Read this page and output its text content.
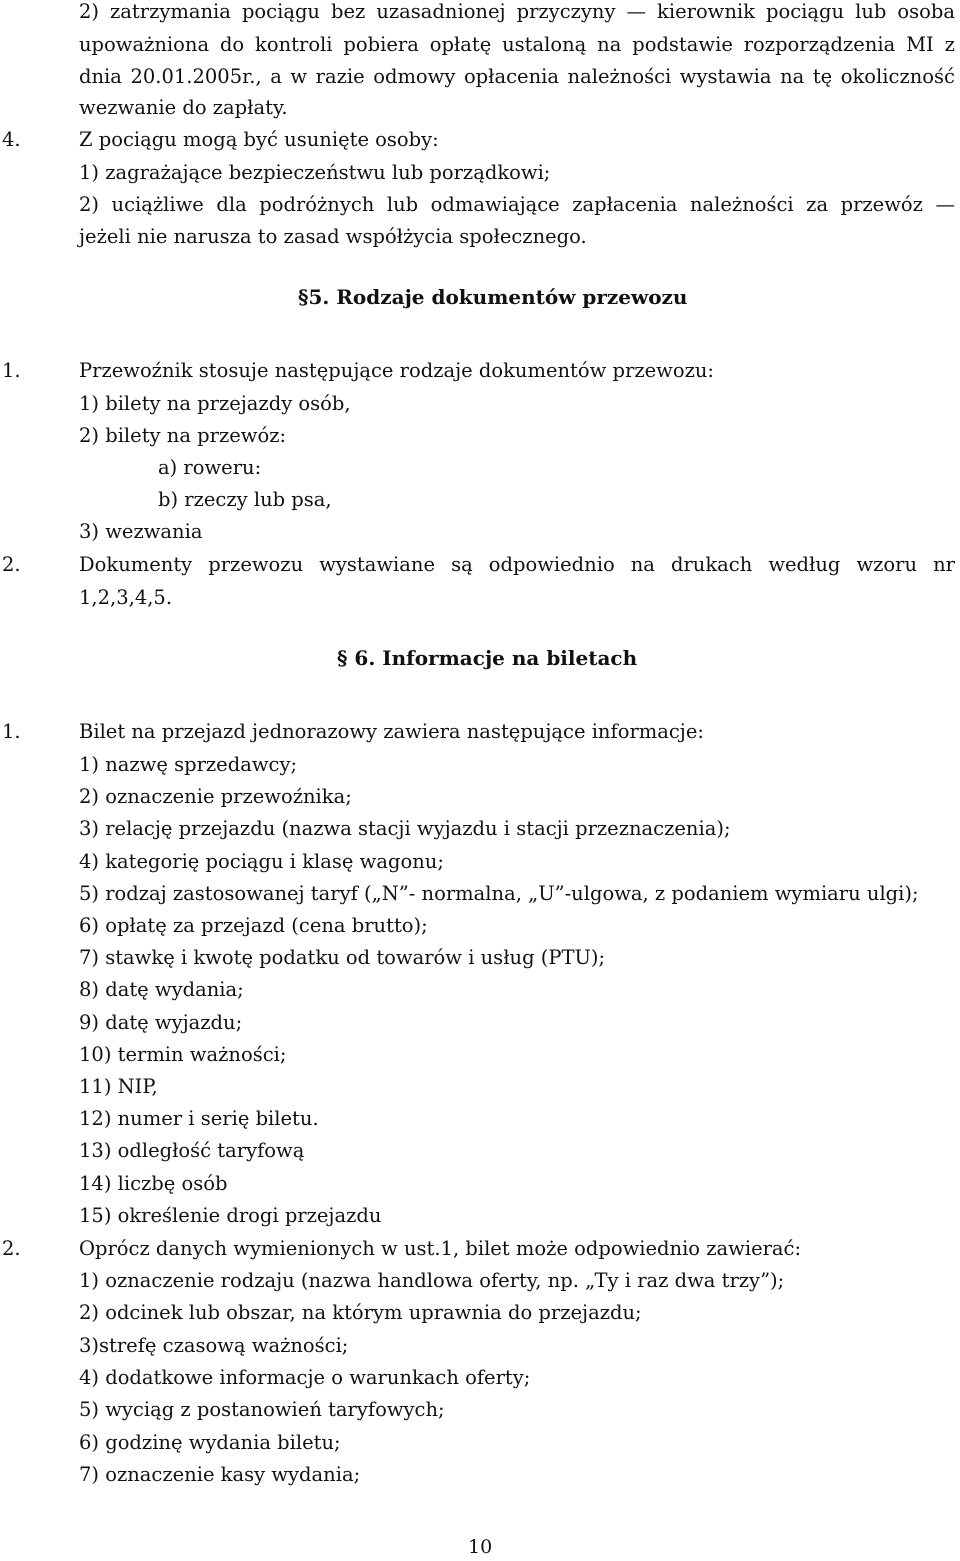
2) zatrzymania pociągu bez uzasadnionej przyczyny — kierownik pociągu lub osoba
upoważniona do kontroli pobiera opłatę ustaloną na podstawie rozporządzenia MI z
dnia 20.01.2005r., a w razie odmowy opłacenia należności wystawia na tę okoliczność
wezwanie do zapłaty.
4.	Z pociągu mogą być usunięte osoby:
1) zagrażające bezpieczeństwu lub porządkowi;
2) uciążliwe dla podróżnych lub odmawiające zapłacenia należności za przewóz —
jeżeli nie narusza to zasad współżycia społecznego.
§5. Rodzaje dokumentów przewozu
1.	Przewoźnik stosuje następujące rodzaje dokumentów przewozu:
1) bilety na przejazdy osób,
2) bilety na przewóz:
a) roweru:
b) rzeczy lub psa,
3) wezwania
2.	Dokumenty przewozu wystawiane są odpowiednio na drukach według wzoru nr
1,2,3,4,5.
§ 6. Informacje na biletach
1.	Bilet na przejazd jednorazowy zawiera następujące informacje:
1) nazwę sprzedawcy;
2) oznaczenie przewoźnika;
3) relację przejazdu (nazwa stacji wyjazdu i stacji przeznaczenia);
4) kategorię pociągu i klasę wagonu;
5) rodzaj zastosowanej taryf („N”- normalna, „U”-ulgowa, z podaniem wymiaru ulgi);
6) opłatę za przejazd (cena brutto);
7) stawkę i kwotę podatku od towarów i usług (PTU);
8) datę wydania;
9) datę wyjazdu;
10) termin ważności;
11) NIP,
12) numer i serię biletu.
13) odległość taryfową
14) liczbę osób
15) określenie drogi przejazdu
2.	Oprócz danych wymienionych w ust.1, bilet może odpowiednio zawierać:
1) oznaczenie rodzaju (nazwa handlowa oferty, np. „Ty i raz dwa trzy”);
2) odcinek lub obszar, na którym uprawnia do przejazdu;
3)strefę czasową ważności;
4) dodatkowe informacje o warunkach oferty;
5) wyciąg z postanowień taryfowych;
6) godzinę wydania biletu;
7) oznaczenie kasy wydania;
10
